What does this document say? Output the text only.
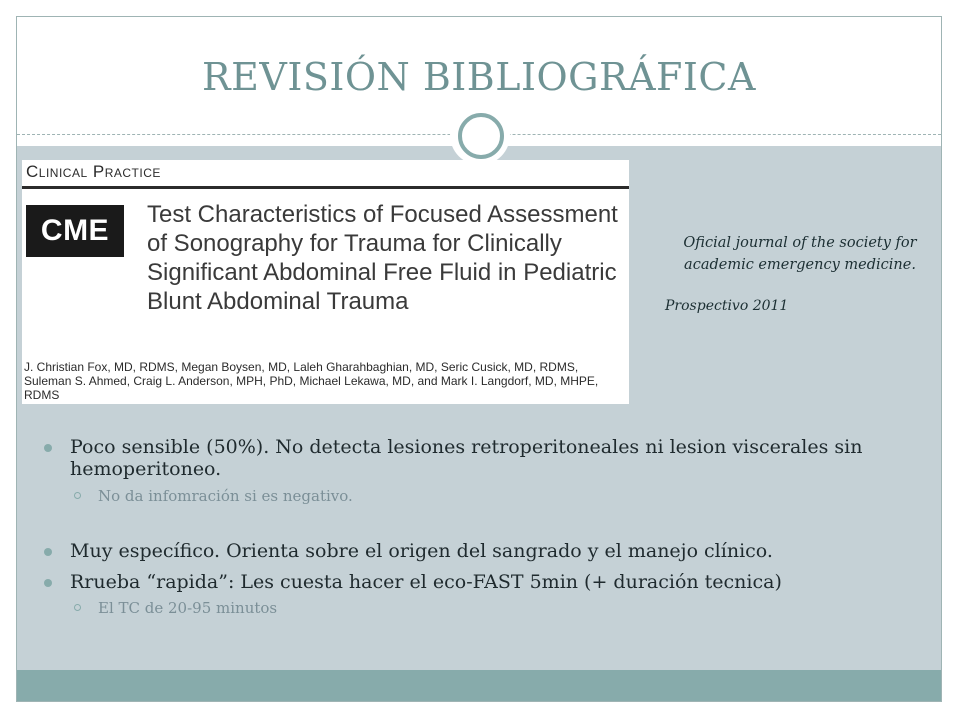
REVISIÓN BIBLIOGRÁFICA
Clinical Practice
CME	Test Characteristics of Focused Assessment of Sonography for Trauma for Clinically Significant Abdominal Free Fluid in Pediatric Blunt Abdominal Trauma
J. Christian Fox, MD, RDMS, Megan Boysen, MD, Laleh Gharahbaghian, MD, Seric Cusick, MD, RDMS, Suleman S. Ahmed, Craig L. Anderson, MPH, PhD, Michael Lekawa, MD, and Mark I. Langdorf, MD, MHPE, RDMS
Oficial journal of the society for
academic emergency medicine.
Prospectivo 2011
Poco sensible (50%). No detecta lesiones retroperitoneales ni lesion viscerales sin hemoperitoneo.
No da infomración si es negativo.
Muy específico. Orienta sobre el origen del sangrado y el manejo clínico.
Rrueba “rapida”: Les cuesta hacer el eco-FAST 5min (+ duración tecnica)
El TC de 20-95 minutos
